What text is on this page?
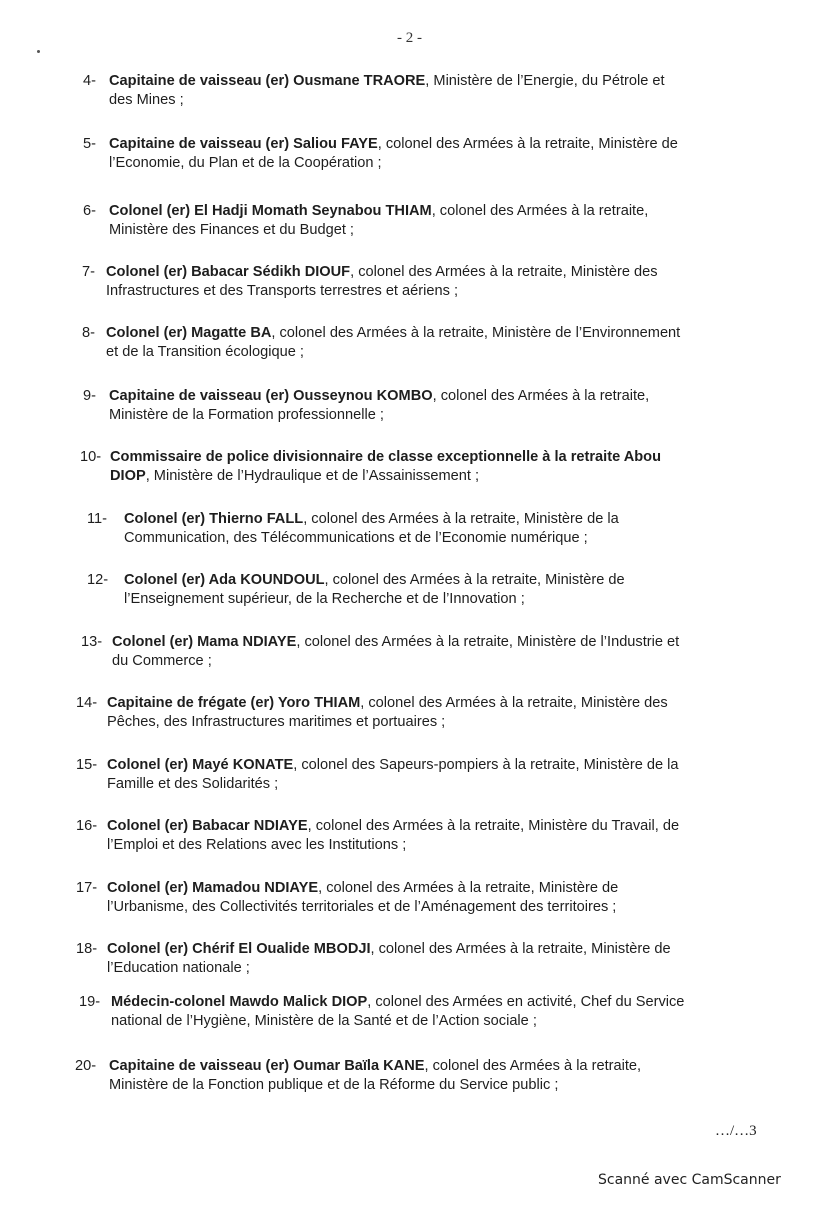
- 2 -
4- Capitaine de vaisseau (er) Ousmane TRAORE, Ministère de l’Energie, du Pétrole et
des Mines ;
5- Capitaine de vaisseau (er) Saliou FAYE, colonel des Armées à la retraite, Ministère de
l’Economie, du Plan et de la Coopération ;
6- Colonel (er) El Hadji Momath Seynabou THIAM, colonel des Armées à la retraite,
Ministère des Finances et du Budget ;
7- Colonel (er) Babacar Sédikh DIOUF, colonel des Armées à la retraite, Ministère des
Infrastructures et des Transports terrestres et aériens ;
8- Colonel (er) Magatte BA, colonel des Armées à la retraite, Ministère de l’Environnement
et de la Transition écologique ;
9- Capitaine de vaisseau (er) Ousseynou KOMBO, colonel des Armées à la retraite,
Ministère de la Formation professionnelle ;
10- Commissaire de police divisionnaire de classe exceptionnelle à la retraite Abou
DIOP, Ministère de l’Hydraulique et de l’Assainissement ;
11- Colonel (er) Thierno FALL, colonel des Armées à la retraite, Ministère de la
Communication, des Télécommunications et de l’Economie numérique ;
12- Colonel (er) Ada KOUNDOUL, colonel des Armées à la retraite, Ministère de
l’Enseignement supérieur, de la Recherche et de l’Innovation ;
13- Colonel (er) Mama NDIAYE, colonel des Armées à la retraite, Ministère de l’Industrie et
du Commerce ;
14- Capitaine de frégate (er) Yoro THIAM, colonel des Armées à la retraite, Ministère des
Pêches, des Infrastructures maritimes et portuaires ;
15- Colonel (er) Mayé KONATE, colonel des Sapeurs-pompiers à la retraite, Ministère de la
Famille et des Solidarités ;
16- Colonel (er) Babacar NDIAYE, colonel des Armées à la retraite, Ministère du Travail, de
l’Emploi et des Relations avec les Institutions ;
17- Colonel (er) Mamadou NDIAYE, colonel des Armées à la retraite, Ministère de
l’Urbanisme, des Collectivités territoriales et de l’Aménagement des territoires ;
18- Colonel (er) Chérif El Oualide MBODJI, colonel des Armées à la retraite, Ministère de
l’Education nationale ;
19- Médecin-colonel Mawdo Malick DIOP, colonel des Armées en activité, Chef du Service
national de l’Hygiène, Ministère de la Santé et de l’Action sociale ;
20- Capitaine de vaisseau (er) Oumar Baïla KANE, colonel des Armées à la retraite,
Ministère de la Fonction publique et de la Réforme du Service public ;
…/…3
Scanné avec CamScanner
